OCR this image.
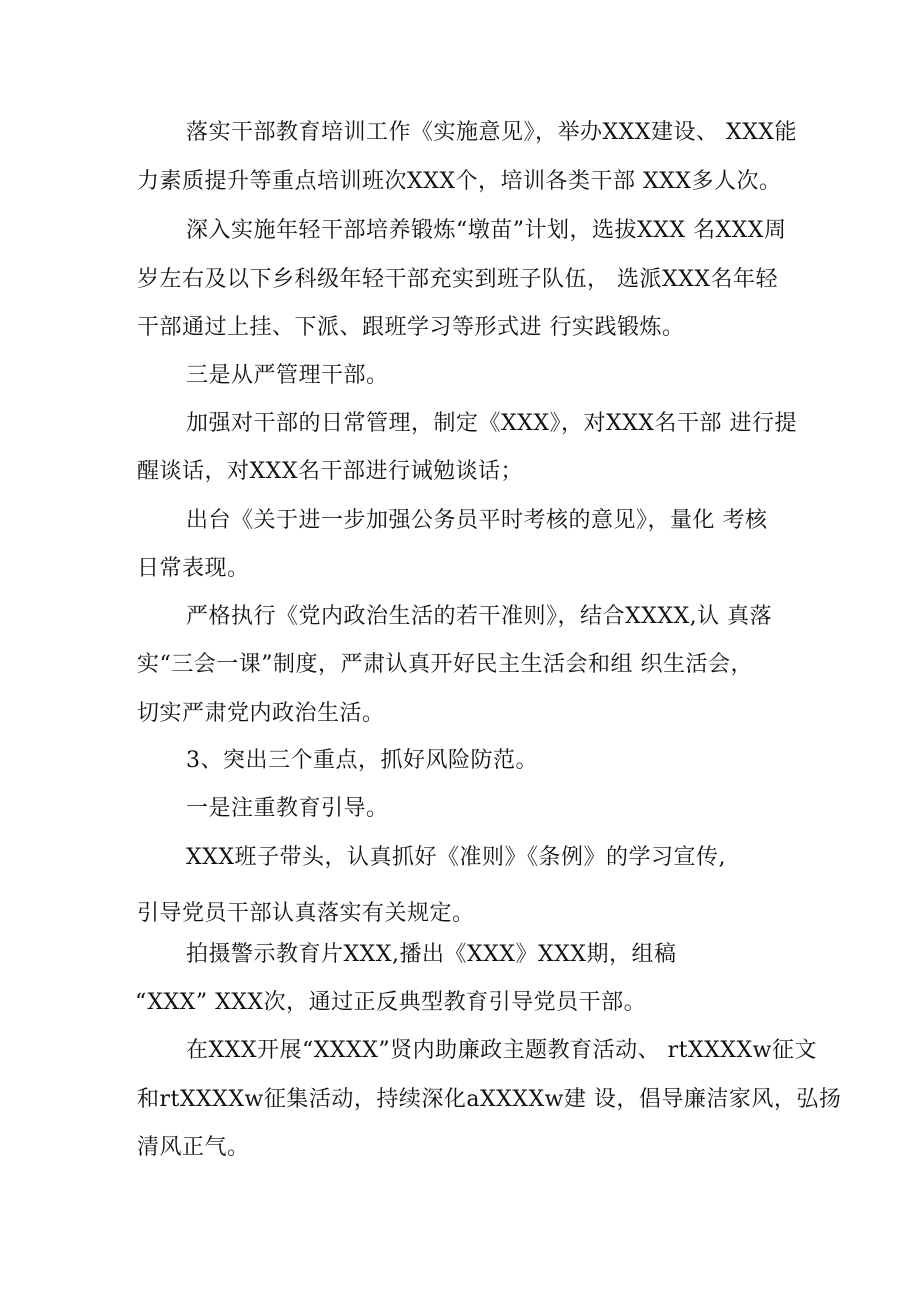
落实干部教育培训工作《实施意见》，举办XXX建设、 XXX能

力素质提升等重点培训班次XXX个，培训各类干部 XXX多人次。

深入实施年轻干部培养锻炼“墩苗”计划，选拔XXX 名XXX周

岁左右及以下乡科级年轻干部充实到班子队伍， 选派XXX名年轻

干部通过上挂、下派、跟班学习等形式进 行实践锻炼。

三是从严管理干部。

加强对干部的日常管理，制定《XXX》，对XXX名干部 进行提

醒谈话，对XXX名干部进行诫勉谈话；

出台《关于进一步加强公务员平时考核的意见》，量化 考核

日常表现。

严格执行《党内政治生活的若干准则》，结合XXXX,认 真落

实“三会一课”制度，严肃认真开好民主生活会和组 织生活会，

切实严肃党内政治生活。

3、突出三个重点，抓好风险防范。

一是注重教育引导。

XXX班子带头，认真抓好《准则》《条例》的学习宣传,

引导党员干部认真落实有关规定。

拍摄警示教育片XXX,播出《XXX》XXX期，组稿

“XXX” XXX次，通过正反典型教育引导党员干部。

在XXX开展“XXXX”贤内助廉政主题教育活动、 rtXXXXw征文

和rtXXXXw征集活动，持续深化aXXXXw建 设，倡导廉洁家风，弘扬

清风正气。
